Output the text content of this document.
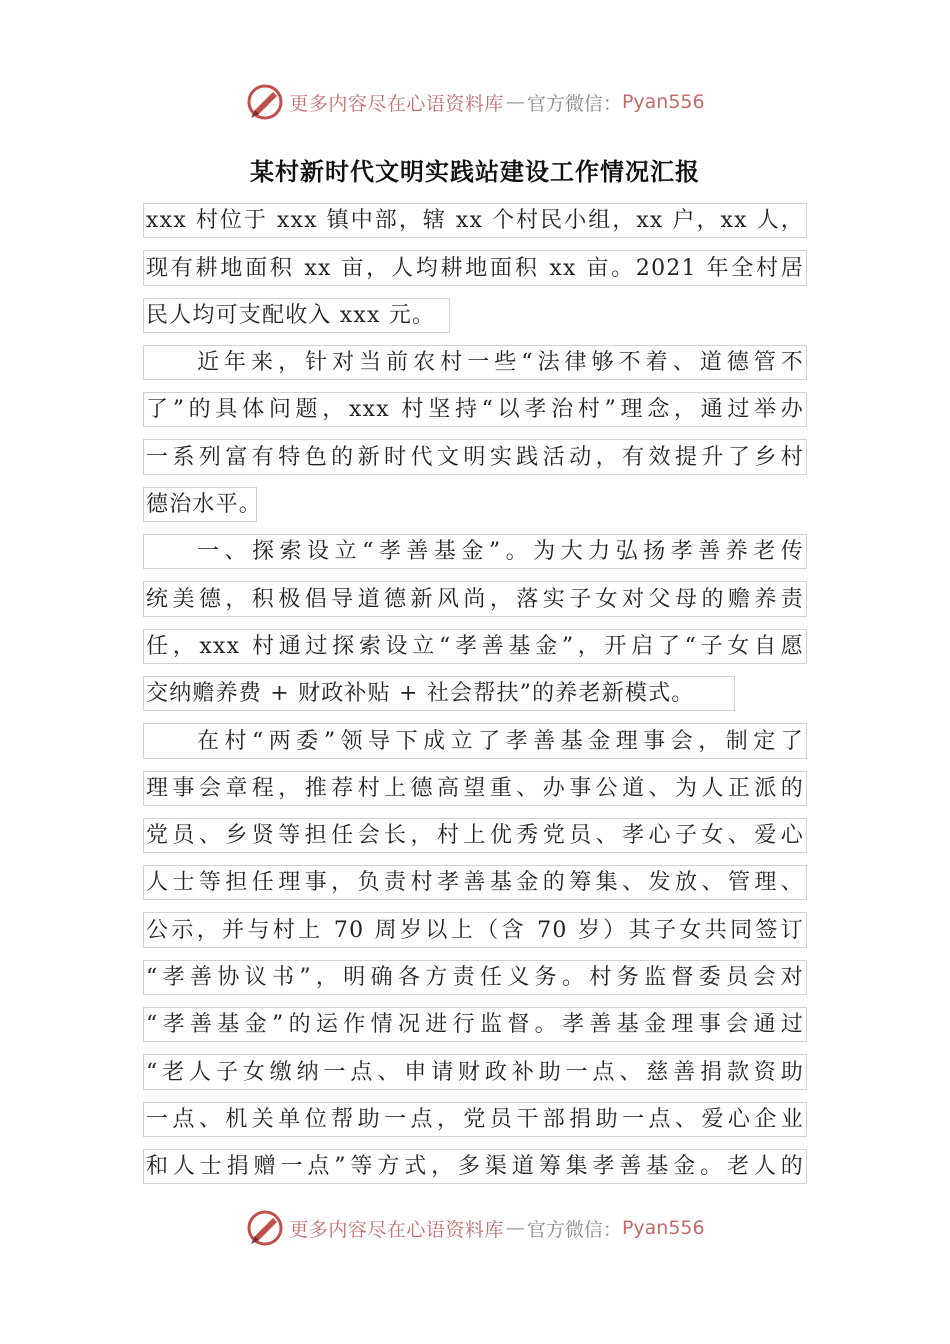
更多内容尽在心语资料库 — 官方微信： Pyan556
某村新时代文明实践站建设工作情况汇报
xxx 村位于 xxx 镇中部，辖 xx 个村民小组，xx 户，xx 人，
现有耕地面积 xx 亩，人均耕地面积 xx 亩。2021 年全村居
民人均可支配收入 xxx 元。
近年来，针对当前农村一些“法律够不着、道德管不
了”的具体问题，xxx 村坚持“以孝治村”理念，通过举办
一系列富有特色的新时代文明实践活动，有效提升了乡村
德治水平。
一、探索设立“孝善基金”。为大力弘扬孝善养老传
统美德，积极倡导道德新风尚，落实子女对父母的赡养责
任，xxx 村通过探索设立“孝善基金”，开启了“子女自愿
交纳赡养费 + 财政补贴 + 社会帮扶”的养老新模式。
在村“两委”领导下成立了孝善基金理事会，制定了
理事会章程，推荐村上德高望重、办事公道、为人正派的
党员、乡贤等担任会长，村上优秀党员、孝心子女、爱心
人士等担任理事，负责村孝善基金的筹集、发放、管理、
公示，并与村上 70 周岁以上（含 70 岁）其子女共同签订
“孝善协议书”，明确各方责任义务。村务监督委员会对
“孝善基金”的运作情况进行监督。孝善基金理事会通过
“老人子女缴纳一点、申请财政补助一点、慈善捐款资助
一点、机关单位帮助一点，党员干部捐助一点、爱心企业
和人士捐赠一点”等方式，多渠道筹集孝善基金。老人的
更多内容尽在心语资料库 — 官方微信： Pyan556
